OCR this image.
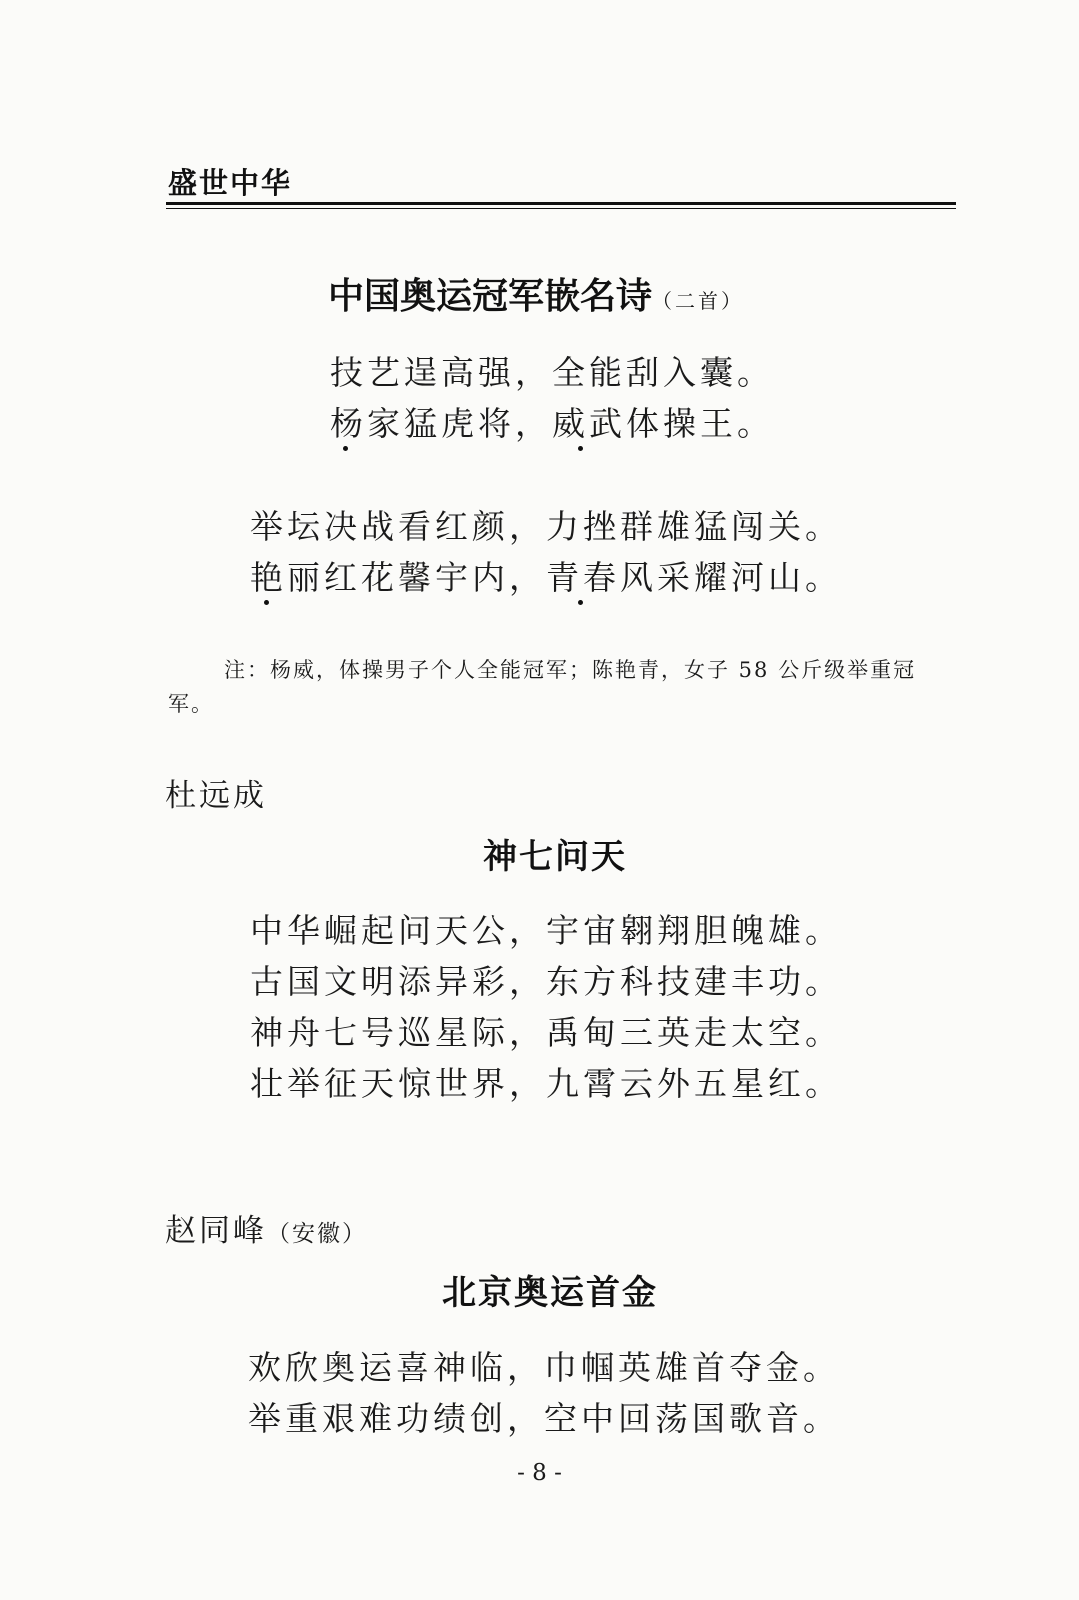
盛世中华
中国奥运冠军嵌名诗（二首）
技艺逞高强，全能刮入囊。
杨家猛虎将，威武体操王。
举坛决战看红颜，力挫群雄猛闯关。
艳丽红花馨宇内，青春风采耀河山。
注：杨威，体操男子个人全能冠军；陈艳青，女子 58 公斤级举重冠军。
杜远成
神七问天
中华崛起问天公，宇宙翱翔胆魄雄。
古国文明添异彩，东方科技建丰功。
神舟七号巡星际，禹甸三英走太空。
壮举征天惊世界，九霄云外五星红。
赵同峰（安徽）
北京奥运首金
欢欣奥运喜神临，巾帼英雄首夺金。
举重艰难功绩创，空中回荡国歌音。
- 8 -
